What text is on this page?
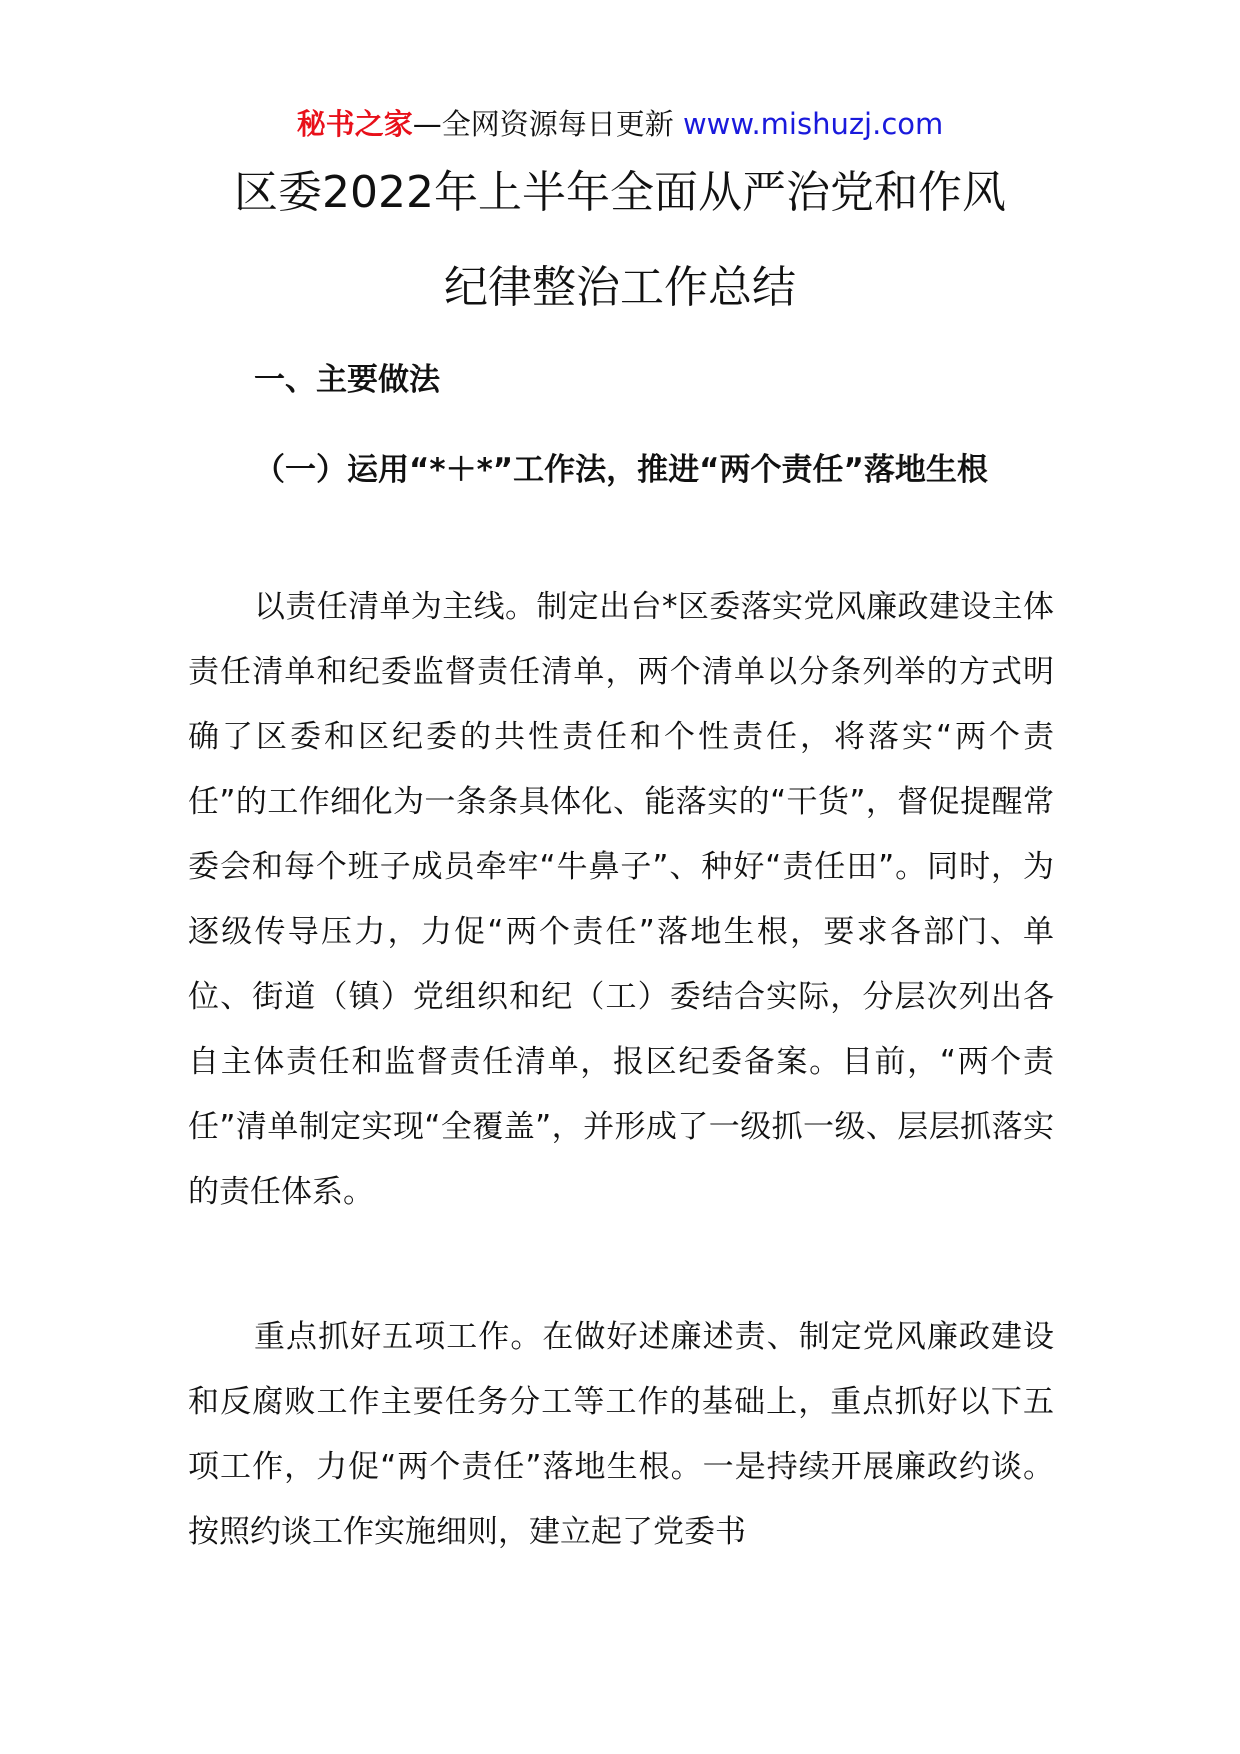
秘书之家—全网资源每日更新 www.mishuzj.com
区委2022年上半年全面从严治党和作风
纪律整治工作总结
一、主要做法
（一）运用“*＋*”工作法，推进“两个责任”落地生根

以责任清单为主线。制定出台*区委落实党风廉政建设主体责任清单和纪委监督责任清单，两个清单以分条列举的方式明确了区委和区纪委的共性责任和个性责任，将落实“两个责任”的工作细化为一条条具体化、能落实的“干货”，督促提醒常委会和每个班子成员牵牢“牛鼻子”、种好“责任田”。同时，为逐级传导压力，力促“两个责任”落地生根，要求各部门、单位、街道（镇）党组织和纪（工）委结合实际，分层次列出各自主体责任和监督责任清单，报区纪委备案。目前，“两个责任”清单制定实现“全覆盖”，并形成了一级抓一级、层层抓落实的责任体系。

重点抓好五项工作。在做好述廉述责、制定党风廉政建设和反腐败工作主要任务分工等工作的基础上，重点抓好以下五项工作，力促“两个责任”落地生根。一是持续开展廉政约谈。按照约谈工作实施细则，建立起了党委书
